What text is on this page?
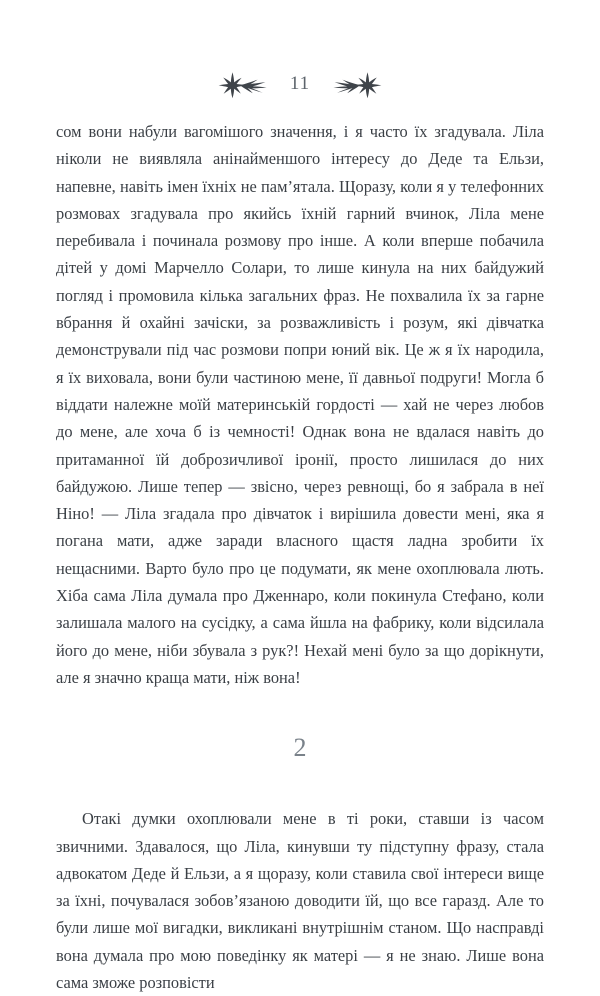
11

сом вони набули вагомішого значення, і я часто їх згадувала. Ліла ніколи не виявляла анінайменшого інтересу до Деде та Ельзи, напевне, навіть імен їхніх не пам’ятала. Щоразу, коли я у телефонних розмовах згадувала про якийсь їхній гарний вчинок, Ліла мене перебивала і починала розмову про інше. А коли вперше побачила дітей у домі Марчелло Солари, то лише кинула на них байдужий погляд і промовила кілька загальних фраз. Не похвалила їх за гарне вбрання й охайні зачіски, за розважливість і розум, які дівчатка демонстрували під час розмови попри юний вік. Це ж я їх народила, я їх виховала, вони були частиною мене, її давньої подруги! Могла б віддати належне моїй материнській гордості — хай не через любов до мене, але хоча б із чемності! Однак вона не вдалася навіть до притаманної їй доброзичливої іронії, просто лишилася до них байдужою. Лише тепер — звісно, через ревнощі, бо я забрала в неї Ніно! — Ліла згадала про дівчаток і вирішила довести мені, яка я погана мати, адже заради власного щастя ладна зробити їх нещасними. Варто було про це подумати, як мене охоплювала лють. Хіба сама Ліла думала про Дженнаро, коли покинула Стефано, коли залишала малого на сусідку, а сама йшла на фабрику, коли відсилала його до мене, ніби збувала з рук?! Нехай мені було за що дорікнути, але я значно краща мати, ніж вона!

2

Отакі думки охоплювали мене в ті роки, ставши із часом звичними. Здавалося, що Ліла, кинувши ту підступну фразу, стала адвокатом Деде й Ельзи, а я щоразу, коли ставила свої інтереси вище за їхні, почувалася зобов’язаною доводити їй, що все гаразд. Але то були лише мої вигадки, викликані внутрішнім станом. Що насправді вона думала про мою поведінку як матері — я не знаю. Лише вона сама зможе розповісти
